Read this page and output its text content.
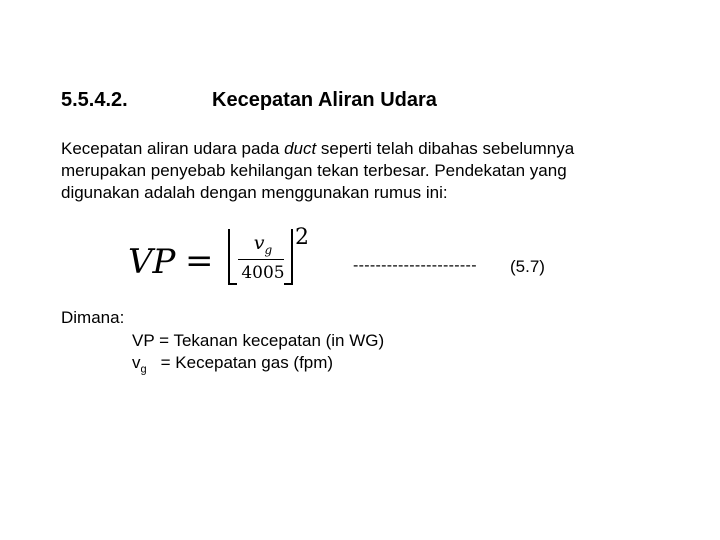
5.5.4.2.	Kecepatan Aliran Udara
Kecepatan aliran udara pada duct seperti telah dibahas sebelumnya
merupakan penyebab kehilangan tekan terbesar. Pendekatan yang
digunakan adalah dengan menggunakan rumus ini:
VP =	$v_g$
4005
2
---------------------- (5.7)
Dimana:
VP = Tekanan kecepatan (in WG)
$v_g$ = Kecepatan gas (fpm)
